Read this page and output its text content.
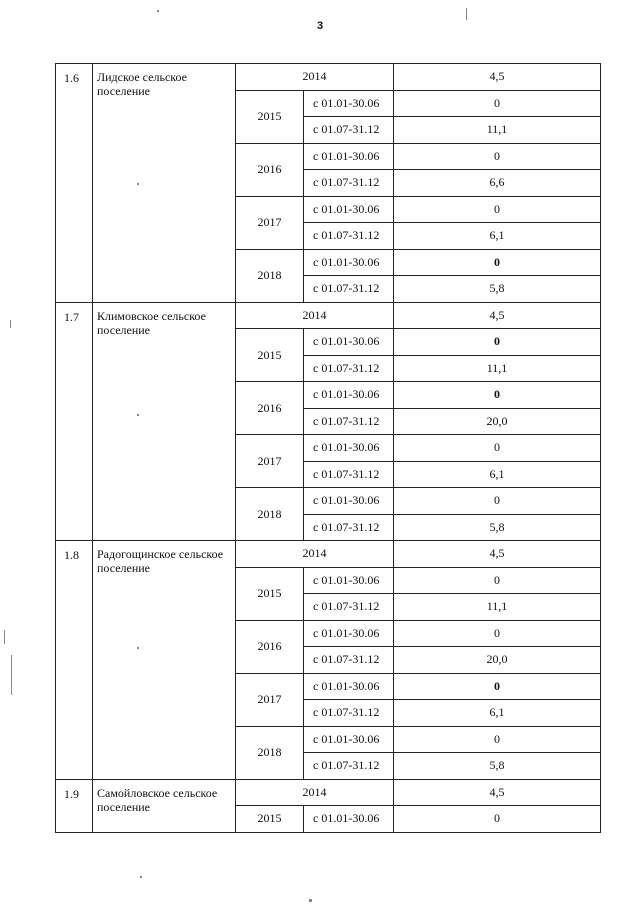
3
1.6	Лидское сельское поселение	2014		4,5
		2015	с 01.01-30.06	0
			с 01.07-31.12	11,1
		2016	с 01.01-30.06	0
			с 01.07-31.12	6,6
		2017	с 01.01-30.06	0
			с 01.07-31.12	6,1
		2018	с 01.01-30.06	0
			с 01.07-31.12	5,8
1.7	Климовское сельское поселение	2014		4,5
		2015	с 01.01-30.06	0
			с 01.07-31.12	11,1
		2016	с 01.01-30.06	0
			с 01.07-31.12	20,0
		2017	с 01.01-30.06	0
			с 01.07-31.12	6,1
		2018	с 01.01-30.06	0
			с 01.07-31.12	5,8
1.8	Радогощинское сельское поселение	2014		4,5
		2015	с 01.01-30.06	0
			с 01.07-31.12	11,1
		2016	с 01.01-30.06	0
			с 01.07-31.12	20,0
		2017	с 01.01-30.06	0
			с 01.07-31.12	6,1
		2018	с 01.01-30.06	0
			с 01.07-31.12	5,8
1.9	Самойловское сельское поселение	2014		4,5
		2015	с 01.01-30.06	0
